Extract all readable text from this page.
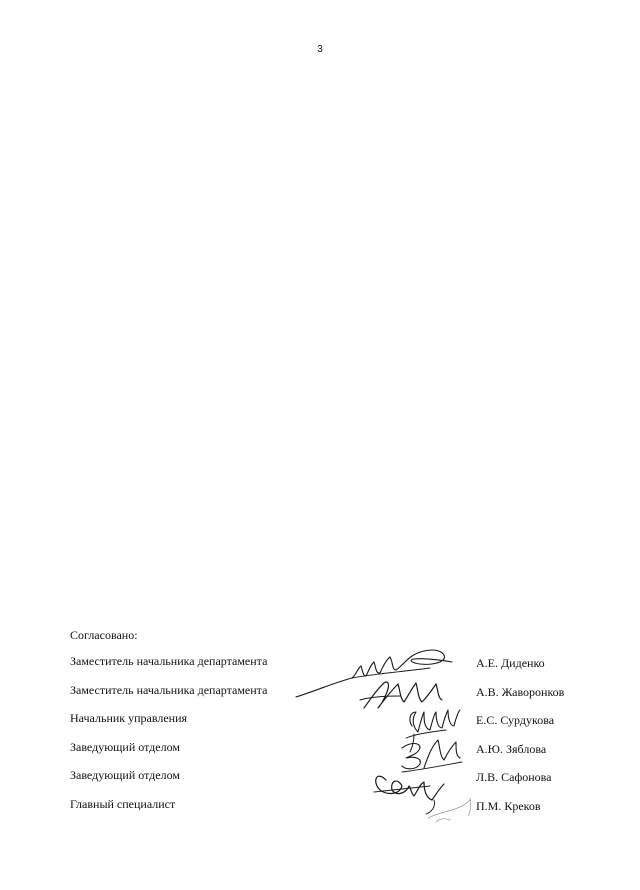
3
Согласовано:
Заместитель начальника департамента	А.Е. Диденко
Заместитель начальника департамента	А.В. Жаворонков
Начальник управления	Е.С. Сурдукова
Заведующий отделом	А.Ю. Зяблова
Заведующий отделом	Л.В. Сафонова
Главный специалист	П.М. Креков
